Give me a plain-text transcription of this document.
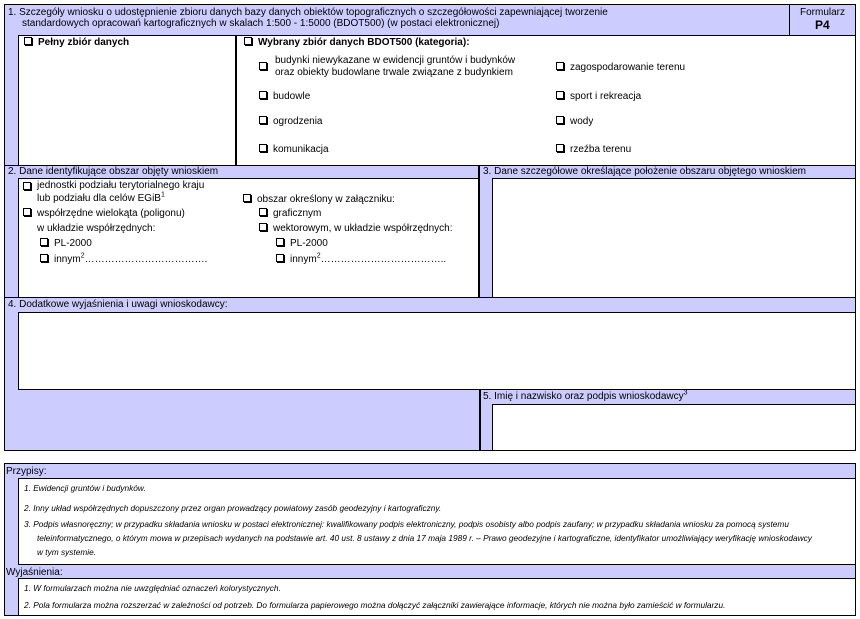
1. Szczegóły wniosku o udostępnienie zbioru danych bazy danych obiektów topograficznych o szczegółowości zapewniającej tworzenie
standardowych opracowań kartograficznych w skalach 1:500 - 1:5000 (BDOT500) (w postaci elektronicznej)
Formularz
P4
Pełny zbiór danych	Wybrany zbiór danych BDOT500 (kategoria):
budynki niewykazane w ewidencji gruntów i budynków
oraz obiekty budowlane trwale związane z budynkiem
budowle
ogrodzenia
komunikacja
zagospodarowanie terenu
sport i rekreacja
wody
rzeźba terenu
2. Dane identyfikujące obszar objęty wnioskiem	3. Dane szczegółowe określające położenie obszaru objętego wnioskiem
jednostki podziału terytorialnego kraju
lub podziału dla celów EGiB$^1$
współrzędne wielokąta (poligonu)
w układzie współrzędnych:
PL-2000
innym$^2$……………………………….
obszar określony w załączniku:
graficznym
wektorowym, w układzie współrzędnych:
PL-2000
innym$^2$………………………………..
4. Dodatkowe wyjaśnienia i uwagi wnioskodawcy:
5. Imię i nazwisko oraz podpis wnioskodawcy$^3$
Przypisy:
1. Ewidencji gruntów i budynków.
2. Inny układ współrzędnych dopuszczony przez organ prowadzący powiatowy zasób geodezyjny i kartograficzny.
3. Podpis własnoręczny; w przypadku składania wniosku w postaci elektronicznej: kwalifikowany podpis elektroniczny, podpis osobisty albo podpis zaufany; w przypadku składania wniosku za pomocą systemu
teleinformatycznego, o którym mowa w przepisach wydanych na podstawie art. 40 ust. 8 ustawy z dnia 17 maja 1989 r. – Prawo geodezyjne i kartograficzne, identyfikator umożliwiający weryfikację wnioskodawcy
w tym systemie.
Wyjaśnienia:
1. W formularzach można nie uwzględniać oznaczeń kolorystycznych.
2. Pola formularza można rozszerzać w zależności od potrzeb. Do formularza papierowego można dołączyć załączniki zawierające informacje, których nie można było zamieścić w formularzu.
